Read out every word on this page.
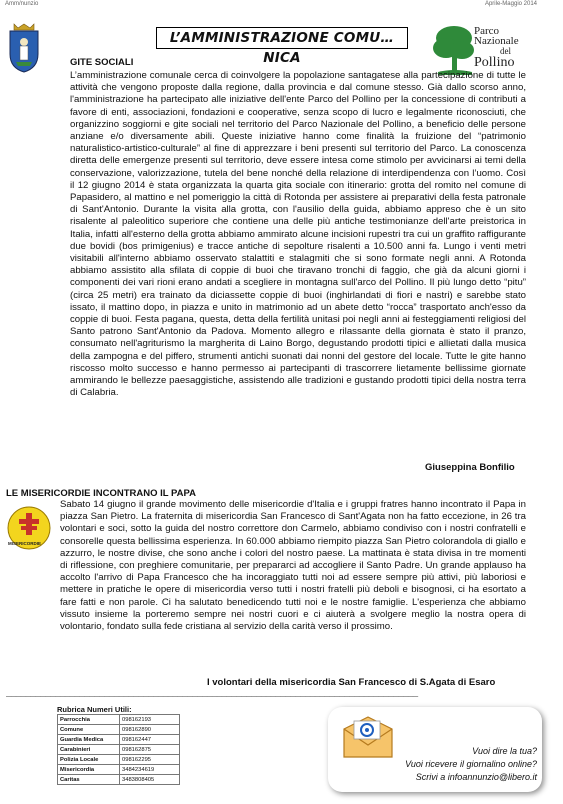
Amm/nunzio	Aprile-Maggio 2014
L’AMMINISTRAZIONE COMU…NICA
Parco
Nazionale
del
Pollino
GITE SOCIALI

L’amministrazione comunale cerca di coinvolgere la popolazione santagatese alla partecipazione di tutte le attività che vengono proposte dalla regione, dalla provincia e dal comune stesso. Già dallo scorso anno, l'amministrazione ha partecipato alle iniziative dell'ente Parco del Pollino per la concessione di contributi a favore di enti, associazioni, fondazioni e cooperative, senza scopo di lucro e legalmente riconosciuti, che organizzino soggiorni e gite sociali nel territorio del Parco Nazionale del Pollino, a beneficio delle persone anziane e/o diversamente abili. Queste iniziative hanno come finalità la fruizione del “patrimonio naturalistico-artistico-culturale” al fine di apprezzare i beni presenti sul territorio del Parco. La conoscenza diretta delle emergenze presenti sul territorio, deve essere intesa come stimolo per avvicinarsi ai temi della conservazione, valorizzazione, tutela del bene nonché della relazione di interdipendenza con l’uomo. Così il 12 giugno 2014 è stata organizzata la quarta gita sociale con itinerario: grotta del romito nel comune di Papasidero, al mattino e nel pomeriggio la città di Rotonda per assistere ai preparativi della festa patronale di Sant'Antonio. Durante la visita alla grotta, con l'ausilio della guida, abbiamo appreso che è un sito risalente al paleolitico superiore che contiene una delle più antiche testimonianze dell'arte preistorica in Italia, infatti all'esterno della grotta abbiamo ammirato alcune incisioni rupestri tra cui un graffito raffigurante due bovidi (bos primigenius) e tracce antiche di sepolture risalenti a 10.500 anni fa. Lungo i venti metri visitabili all'interno abbiamo osservato stalattiti e stalagmiti che si sono formate negli anni. A Rotonda abbiamo assistito alla sfilata di coppie di buoi che tiravano tronchi di faggio, che già da alcuni giorni i componenti dei vari rioni erano andati a scegliere in montagna sull'arco del Pollino. Il più lungo detto “pitu” (circa 25 metri) era trainato da diciassette coppie di buoi (inghirlandati di fiori e nastri) e sarebbe stato issato, il mattino dopo, in piazza e unito in matrimonio ad un abete detto “rocca” trasportato anch'esso da coppie di buoi. Festa pagana, questa, detta della fertilità unitasi poi negli anni ai festeggiamenti religiosi del Santo patrono Sant'Antonio da Padova. Momento allegro e rilassante della giornata è stato il pranzo, consumato nell'agriturismo la margherita di Laino Borgo, degustando prodotti tipici e allietati dalla musica della zampogna e del piffero, strumenti antichi suonati dai nonni del gestore del locale. Tutte le gite hanno riscosso molto successo e hanno permesso ai partecipanti di trascorrere lietamente bellissime giornate ammirando le bellezze paesaggistiche, assistendo alle tradizioni e gustando prodotti tipici della nostra terra di Calabria.

Giuseppina Bonfilio
LE MISERICORDIE INCONTRANO IL PAPA
MISERICORDIE

Sabato 14 giugno il grande movimento delle misericordie d'Italia e i gruppi fratres hanno incontrato il Papa in piazza San Pietro. La fraternita di misericordia San Francesco di Sant'Agata non ha fatto eccezione, in 26 tra volontari e soci, sotto la guida del nostro correttore don Carmelo, abbiamo condiviso con i nostri confratelli e consorelle questa bellissima esperienza. In 60.000 abbiamo riempito piazza San Pietro colorandola di giallo e azzurro, le nostre divise, che sono anche i colori del nostro paese. La mattinata è stata divisa in tre momenti di riflessione, con preghiere comunitarie, per prepararci ad accogliere il Santo Padre. Un grande applauso ha accolto l'arrivo di Papa Francesco che ha incoraggiato tutti noi ad essere sempre più attivi, più laboriosi e mettere in pratiche le opere di misericordia verso tutti i nostri fratelli più deboli e bisognosi, ci ha esortato a fare fatti e non parole. Ci ha salutato benedicendo tutti noi e le nostre famiglie. L'esperienza che abbiamo vissuto insieme la porteremo sempre nei nostri cuori e ci aiuterà a svolgere meglio la nostra opera di volontario, fondato sulla fede cristiana al servizio della carità verso il prossimo.

I volontari della misericordia San Francesco di S.Agata di Esaro
____________________________________________________________________________________
Rubrica Numeri Utili:
Parrocchia	098162193
Comune	098162890
Guardia Medica	098162447
Carabinieri	098162875
Polizia Locale	098162295
Misericordia	3484234619
Caritas	3483808405
Vuoi dire la tua?
Vuoi ricevere il giornalino online?
Scrivi a infoannunzio@libero.it
